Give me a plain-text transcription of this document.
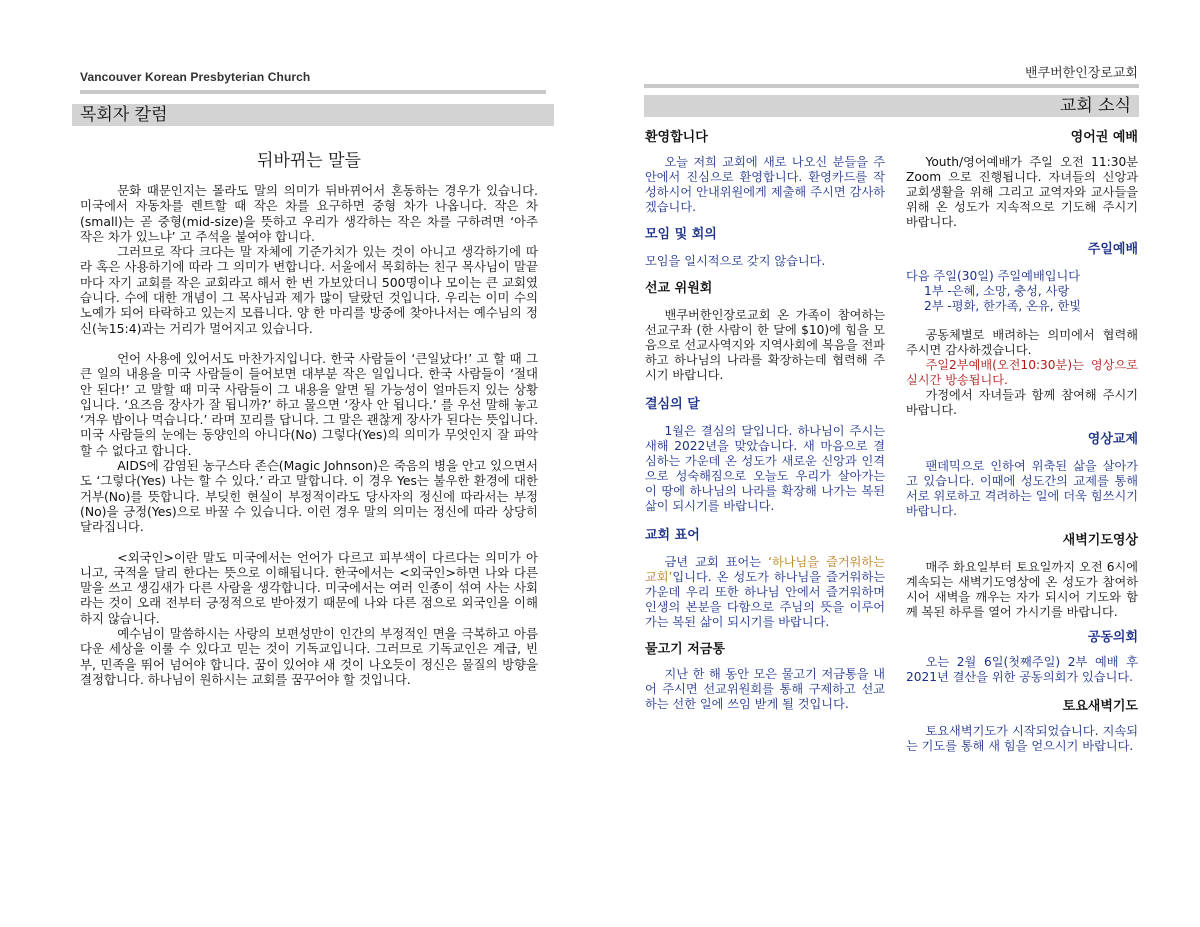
Vancouver Korean Presbyterian Church
목회자 칼럼
뒤바뀌는 말들

문화 때문인지는 몰라도 말의 의미가 뒤바뀌어서 혼동하는 경우가 있습니다. 미국에서 자동차를 렌트할 때 작은 차를 요구하면 중형 차가 나옵니다. 작은 차(small)는 곧 중형(mid-size)을 뜻하고 우리가 생각하는 작은 차를 구하려면 ‘아주 작은 차가 있느냐’ 고 주석을 붙여야 합니다.

그러므로 작다 크다는 말 자체에 기준가치가 있는 것이 아니고 생각하기에 따라 혹은 사용하기에 따라 그 의미가 변합니다. 서울에서 목회하는 친구 목사님이 말끝마다 자기 교회를 작은 교회라고 해서 한 번 가보았더니 500명이나 모이는 큰 교회였습니다. 수에 대한 개념이 그 목사님과 제가 많이 달랐던 것입니다. 우리는 이미 수의 노예가 되어 타락하고 있는지 모릅니다. 양 한 마리를 방중에 찾아나서는 예수님의 정신(눅15:4)과는 거리가 멀어지고 있습니다.

언어 사용에 있어서도 마찬가지입니다. 한국 사람들이 ‘큰일났다!’ 고 할 때 그 큰 일의 내용을 미국 사람들이 들어보면 대부분 작은 일입니다. 한국 사람들이 ‘절대 안 된다!’ 고 말할 때 미국 사람들이 그 내용을 알면 될 가능성이 얼마든지 있는 상황입니다. ‘요즈음 장사가 잘 됩니까?’ 하고 물으면 ‘장사 안 됩니다.’ 를 우선 말해 놓고 ‘겨우 밥이나 먹습니다.’ 라며 꼬리를 답니다. 그 말은 괜찮게 장사가 된다는 뜻입니다. 미국 사람들의 눈에는 동양인의 아니다(No) 그렇다(Yes)의 의미가 무엇인지 잘 파악할 수 없다고 합니다.

AIDS에 감염된 농구스타 존슨(Magic Johnson)은 죽음의 병을 안고 있으면서도 ‘그렇다(Yes) 나는 할 수 있다.’ 라고 말합니다. 이 경우 Yes는 불우한 환경에 대한 거부(No)를 뜻합니다. 부딪힌 현실이 부정적이라도 당사자의 정신에 따라서는 부정(No)을 긍정(Yes)으로 바꿀 수 있습니다. 이런 경우 말의 의미는 정신에 따라 상당히 달라집니다.

<외국인>이란 말도 미국에서는 언어가 다르고 피부색이 다르다는 의미가 아니고, 국적을 달리 한다는 뜻으로 이해됩니다. 한국에서는 <외국인>하면 나와 다른 말을 쓰고 생김새가 다른 사람을 생각합니다. 미국에서는 여러 인종이 섞여 사는 사회라는 것이 오래 전부터 긍정적으로 받아졌기 때문에 나와 다른 점으로 외국인을 이해하지 않습니다.

예수님이 말씀하시는 사랑의 보편성만이 인간의 부정적인 면을 극복하고 아름다운 세상을 이룰 수 있다고 믿는 것이 기독교입니다. 그러므로 기독교인은 계급, 빈부, 민족을 뛰어 넘어야 합니다. 꿈이 있어야 새 것이 나오듯이 정신은 물질의 방향을 결정합니다. 하나님이 원하시는 교회를 꿈꾸어야 할 것입니다.

밴쿠버한인장로교회
교회 소식
환영합니다

오늘 저희 교회에 새로 나오신 분들을 주 안에서 진심으로 환영합니다. 환영카드를 작성하시어 안내위원에게 제출해 주시면 감사하겠습니다.

모임 및 회의

모임을 일시적으로 갖지 않습니다.

선교 위원회

밴쿠버한인장로교회 온 가족이 참여하는 선교구좌 (한 사람이 한 달에 $10)에 힘을 모음으로 선교사역지와 지역사회에 복음을 전파하고 하나님의 나라를 확장하는데 협력해 주시기 바랍니다.

결심의 달

1월은 결심의 달입니다. 하나님이 주시는 새해 2022년을 맞았습니다. 새 마음으로 결심하는 가운데 온 성도가 새로운 신앙과 인격으로 성숙해짐으로 오늘도 우리가 살아가는 이 땅에 하나님의 나라를 확장해 나가는 복된 삶이 되시기를 바랍니다.

교회 표어

금년 교회 표어는 ‘하나님을 즐거워하는 교회’입니다. 온 성도가 하나님을 즐거워하는 가운데 우리 또한 하나님 안에서 즐거워하며 인생의 본분을 다함으로 주님의 뜻을 이루어가는 복된 삶이 되시기를 바랍니다.

물고기 저금통

지난 한 해 동안 모은 물고기 저금통을 내어 주시면 선교위원회를 통해 구제하고 선교하는 선한 일에 쓰임 받게 될 것입니다.

영어권 예배

Youth/영어예배가 주일 오전 11:30분 Zoom 으로 진행됩니다. 자녀들의 신앙과 교회생활을 위해 그리고 교역자와 교사들을 위해 온 성도가 지속적으로 기도해 주시기 바랍니다.

주일예배
다음 주일(30일) 주일예배입니다
1부 -은혜, 소망, 충성, 사랑
2부 -평화, 한가족, 온유, 한빛

공동체별로 배려하는 의미에서 협력해 주시면 감사하겠습니다.

주일2부예배(오전10:30분)는 영상으로 실시간 방송됩니다.

가정에서 자녀들과 함께 참여해 주시기 바랍니다.

영상교제

팬데믹으로 인하여 위축된 삶을 살아가고 있습니다. 이때에 성도간의 교제를 통해 서로 위로하고 격려하는 일에 더욱 힘쓰시기 바랍니다.

새벽기도영상

매주 화요일부터 토요일까지 오전 6시에 계속되는 새벽기도영상에 온 성도가 참여하시어 새벽을 깨우는 자가 되시어 기도와 함께 복된 하루를 열어 가시기를 바랍니다.

공동의회

오는 2월 6일(첫째주일) 2부 예배 후 2021년 결산을 위한 공동의회가 있습니다.

토요새벽기도

토요새벽기도가 시작되었습니다. 지속되는 기도를 통해 새 힘을 얻으시기 바랍니다.
